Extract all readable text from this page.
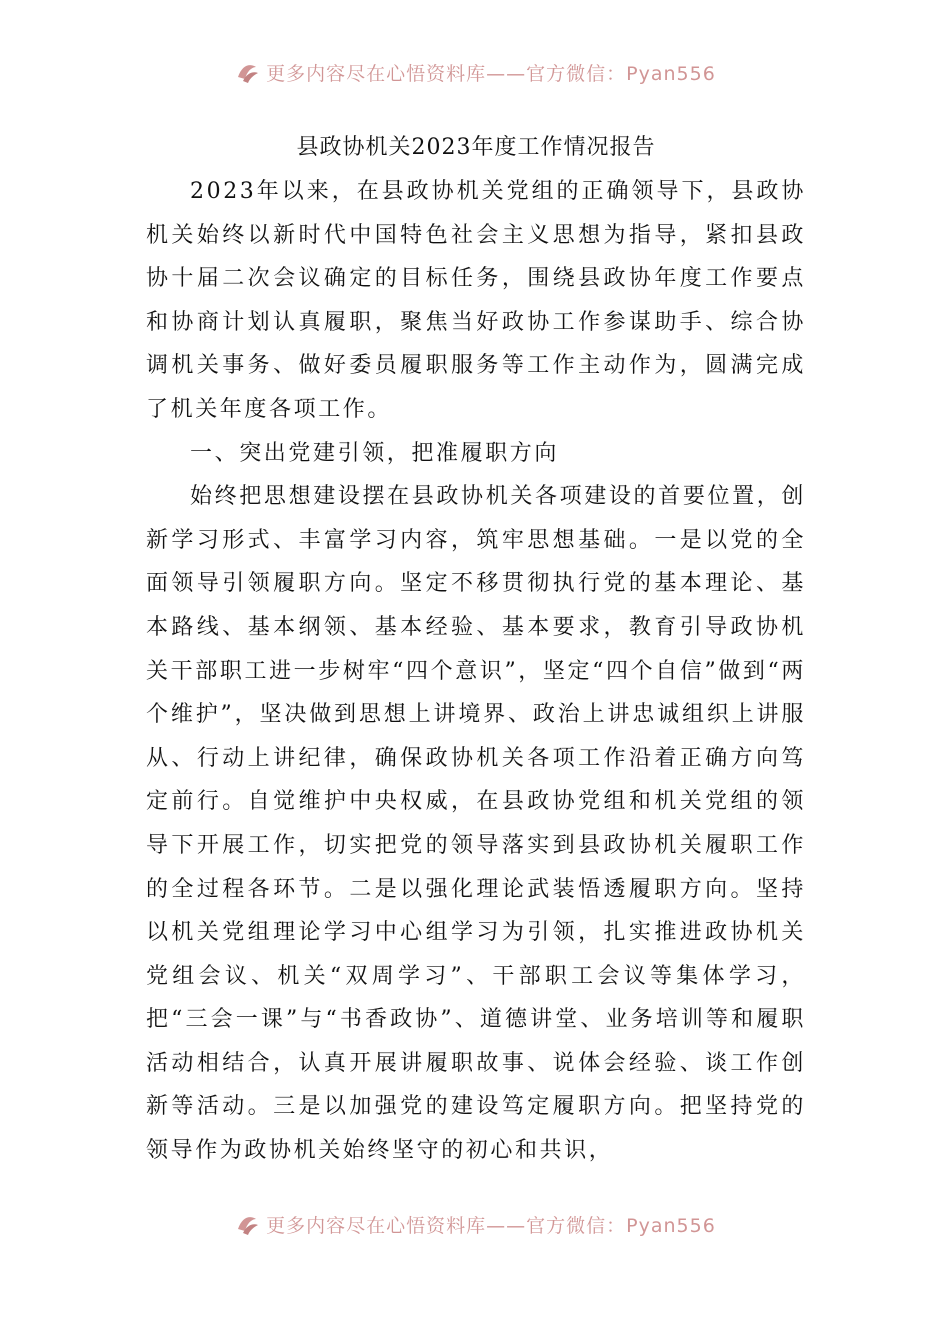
更多内容尽在心悟资料库——官方微信：Pyan556
县政协机关2023年度工作情况报告

2023年以来，在县政协机关党组的正确领导下，县政协机关始终以新时代中国特色社会主义思想为指导，紧扣县政协十届二次会议确定的目标任务，围绕县政协年度工作要点和协商计划认真履职，聚焦当好政协工作参谋助手、综合协调机关事务、做好委员履职服务等工作主动作为，圆满完成了机关年度各项工作。

一、突出党建引领，把准履职方向

始终把思想建设摆在县政协机关各项建设的首要位置，创新学习形式、丰富学习内容，筑牢思想基础。一是以党的全面领导引领履职方向。坚定不移贯彻执行党的基本理论、基本路线、基本纲领、基本经验、基本要求，教育引导政协机关干部职工进一步树牢“四个意识”，坚定“四个自信”做到“两个维护”，坚决做到思想上讲境界、政治上讲忠诚组织上讲服从、行动上讲纪律，确保政协机关各项工作沿着正确方向笃定前行。自觉维护中央权威，在县政协党组和机关党组的领导下开展工作，切实把党的领导落实到县政协机关履职工作的全过程各环节。二是以强化理论武装悟透履职方向。坚持以机关党组理论学习中心组学习为引领，扎实推进政协机关党组会议、机关“双周学习”、干部职工会议等集体学习，把“三会一课”与“书香政协”、道德讲堂、业务培训等和履职活动相结合，认真开展讲履职故事、说体会经验、谈工作创新等活动。三是以加强党的建设笃定履职方向。把坚持党的领导作为政协机关始终坚守的初心和共识，

更多内容尽在心悟资料库——官方微信：Pyan556
